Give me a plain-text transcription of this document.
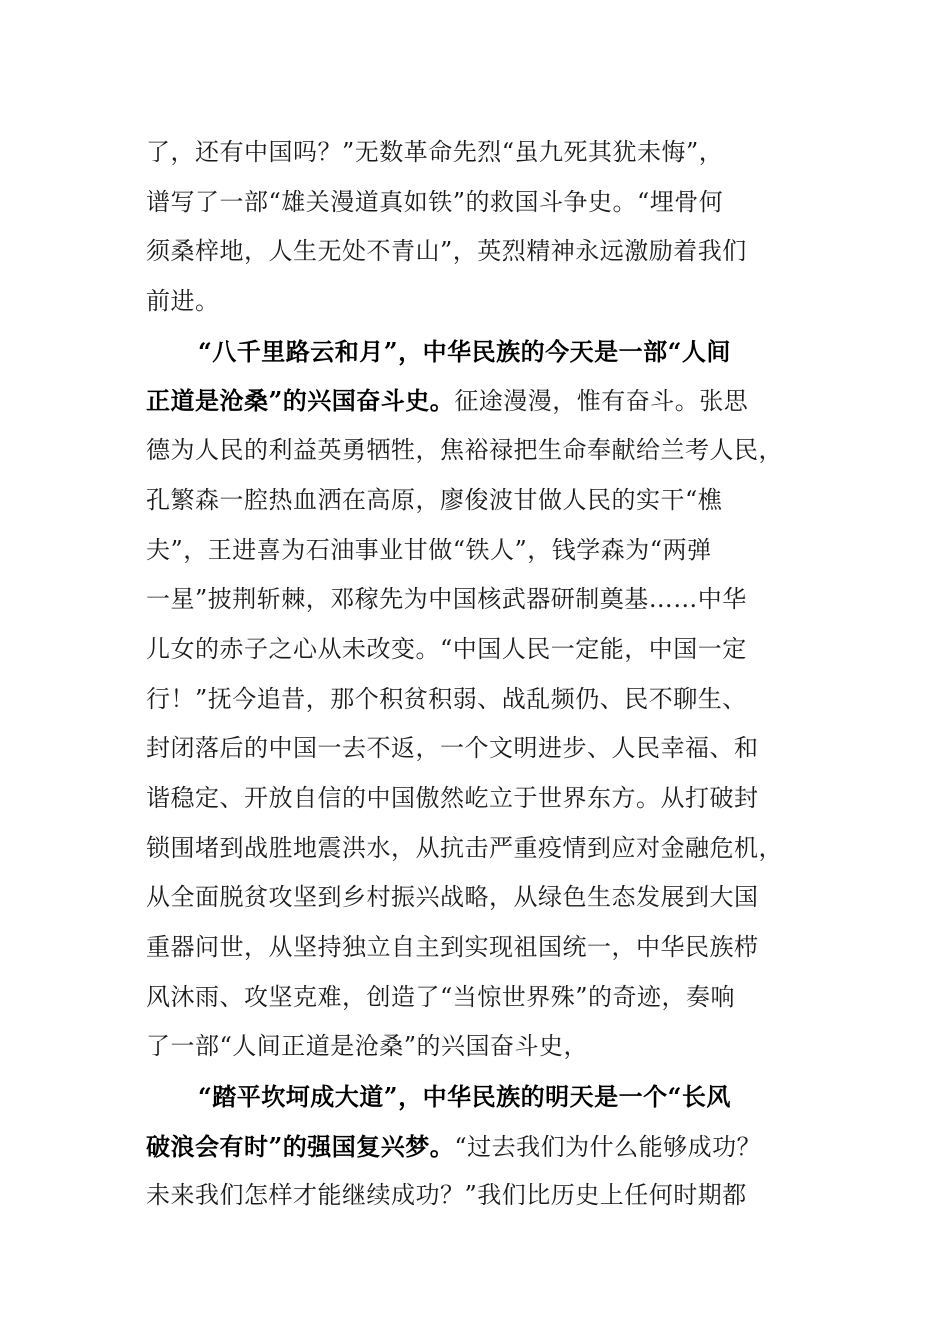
了，还有中国吗？”无数革命先烈“虽九死其犹未悔”，
谱写了一部“雄关漫道真如铁”的救国斗争史。“埋骨何
须桑梓地，人生无处不青山”，英烈精神永远激励着我们
前进。
“八千里路云和月”，中华民族的今天是一部“人间
正道是沧桑”的兴国奋斗史。征途漫漫，惟有奋斗。张思
德为人民的利益英勇牺牲，焦裕禄把生命奉献给兰考人民，
孔繁森一腔热血洒在高原，廖俊波甘做人民的实干“樵
夫”，王进喜为石油事业甘做“铁人”，钱学森为“两弹
一星”披荆斩棘，邓稼先为中国核武器研制奠基……中华
儿女的赤子之心从未改变。“中国人民一定能，中国一定
行！”抚今追昔，那个积贫积弱、战乱频仍、民不聊生、
封闭落后的中国一去不返，一个文明进步、人民幸福、和
谐稳定、开放自信的中国傲然屹立于世界东方。从打破封
锁围堵到战胜地震洪水，从抗击严重疫情到应对金融危机，
从全面脱贫攻坚到乡村振兴战略，从绿色生态发展到大国
重器问世，从坚持独立自主到实现祖国统一，中华民族栉
风沐雨、攻坚克难，创造了“当惊世界殊”的奇迹，奏响
了一部“人间正道是沧桑”的兴国奋斗史，
“踏平坎坷成大道”，中华民族的明天是一个“长风
破浪会有时”的强国复兴梦。“过去我们为什么能够成功？
未来我们怎样才能继续成功？”我们比历史上任何时期都
